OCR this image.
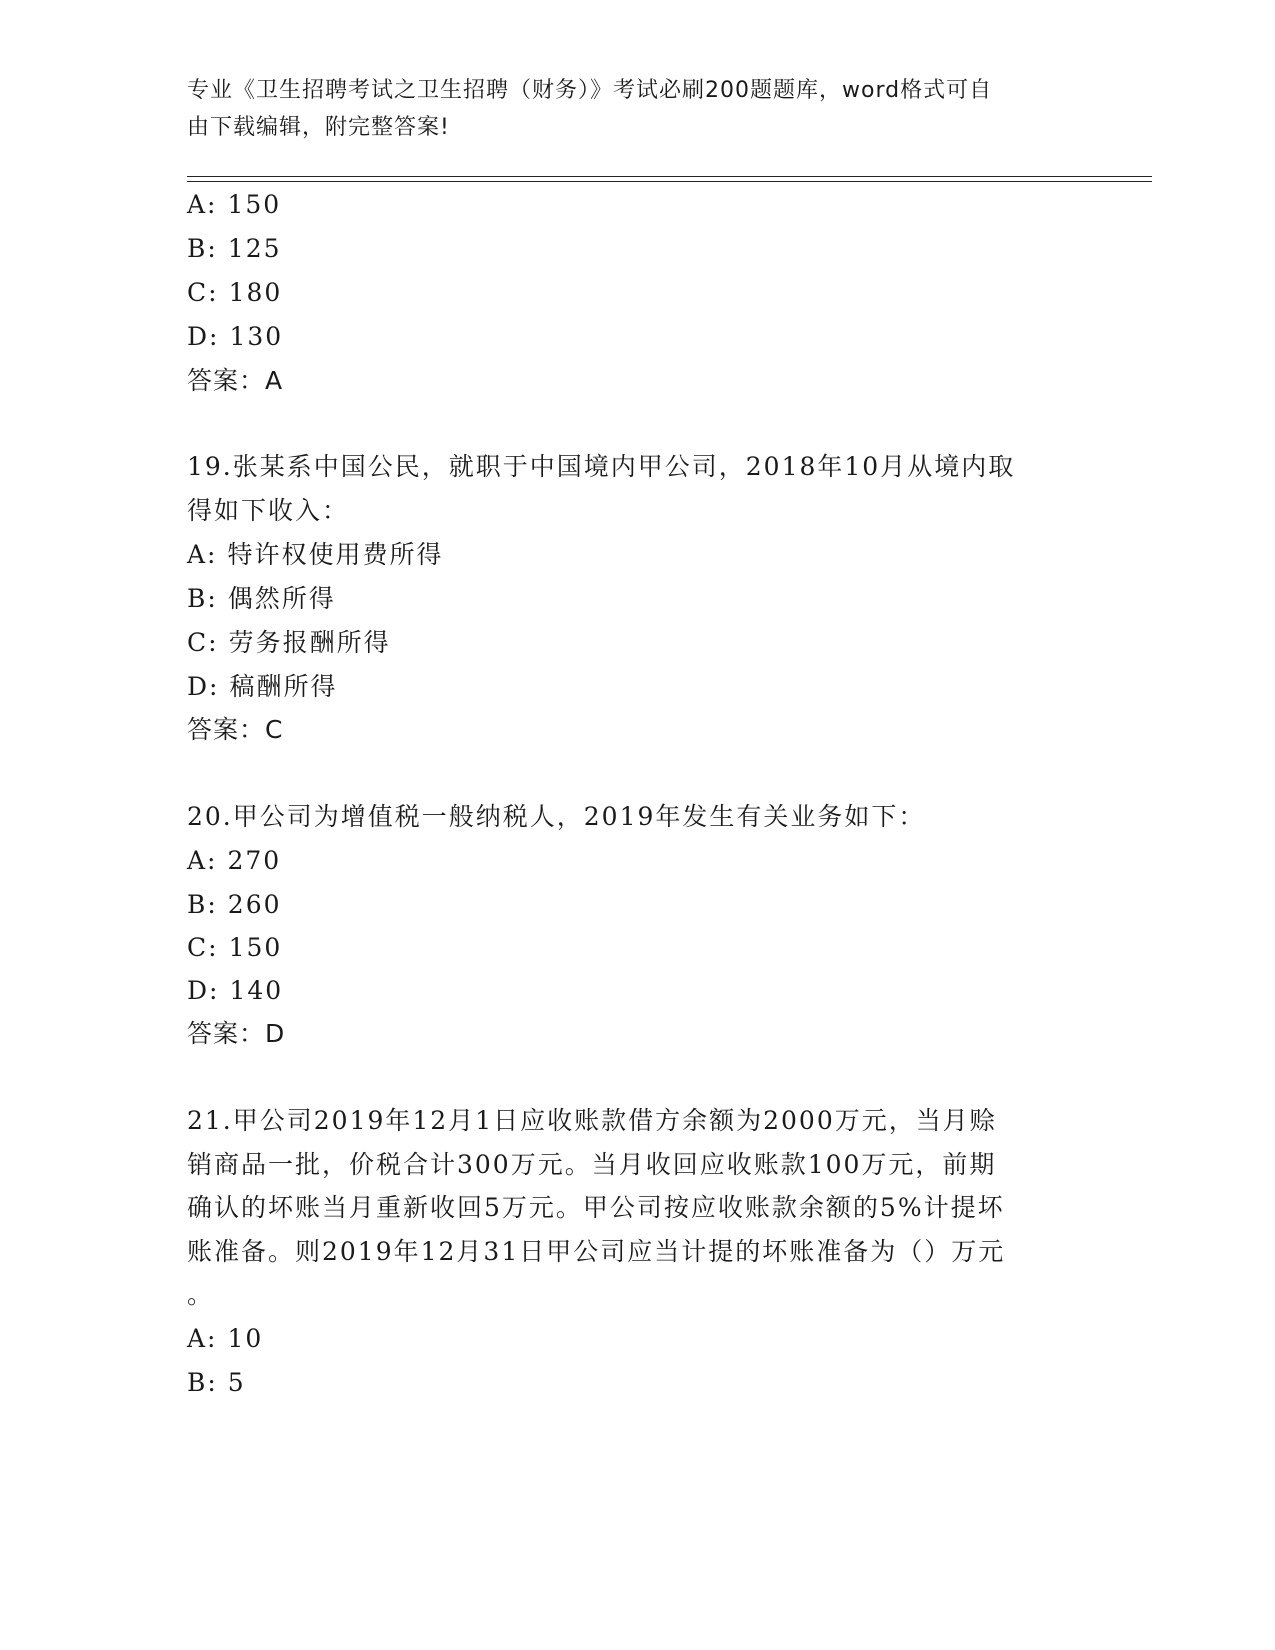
专业《卫生招聘考试之卫生招聘（财务）》考试必刷200题题库，word格式可自
由下载编辑，附完整答案!
A: 150
B: 125
C: 180
D: 130
答案：A
19.张某系中国公民，就职于中国境内甲公司，2018年10月从境内取
得如下收入：
A: 特许权使用费所得
B: 偶然所得
C: 劳务报酬所得
D: 稿酬所得
答案：C
20.甲公司为增值税一般纳税人，2019年发生有关业务如下：
A: 270
B: 260
C: 150
D: 140
答案：D
21.甲公司2019年12月1日应收账款借方余额为2000万元，当月赊
销商品一批，价税合计300万元。当月收回应收账款100万元，前期
确认的坏账当月重新收回5万元。甲公司按应收账款余额的5%计提坏
账准备。则2019年12月31日甲公司应当计提的坏账准备为（）万元
。
A: 10
B: 5
